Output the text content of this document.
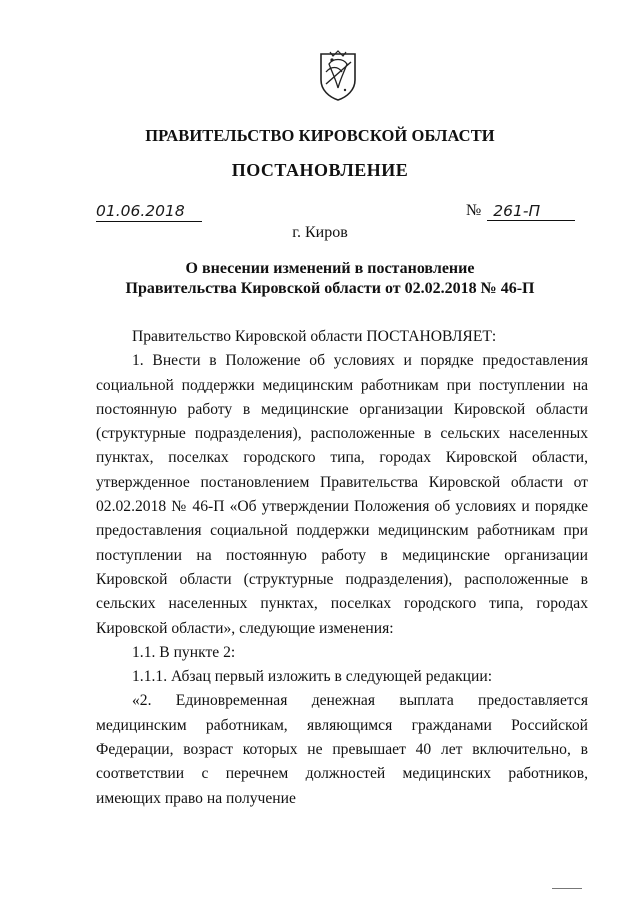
ПРАВИТЕЛЬСТВО КИРОВСКОЙ ОБЛАСТИ
ПОСТАНОВЛЕНИЕ
01.06.2018	№ 261-П
г. Киров
О внесении изменений в постановление
Правительства Кировской области от 02.02.2018 № 46-П

Правительство Кировской области ПОСТАНОВЛЯЕТ:

1. Внести в Положение об условиях и порядке предоставления социальной поддержки медицинским работникам при поступлении на постоянную работу в медицинские организации Кировской области (структурные подразделения), расположенные в сельских населенных пунктах, поселках городского типа, городах Кировской области, утвержденное постановлением Правительства Кировской области от 02.02.2018 № 46-П «Об утверждении Положения об условиях и порядке предоставления социальной поддержки медицинским работникам при поступлении на постоянную работу в медицинские организации Кировской области (структурные подразделения), расположенные в сельских населенных пунктах, поселках городского типа, городах Кировской области», следующие изменения:

1.1. В пункте 2:

1.1.1. Абзац первый изложить в следующей редакции:

«2. Единовременная денежная выплата предоставляется медицинским работникам, являющимся гражданами Российской Федерации, возраст которых не превышает 40 лет включительно, в соответствии с перечнем должностей медицинских работников, имеющих право на получение
